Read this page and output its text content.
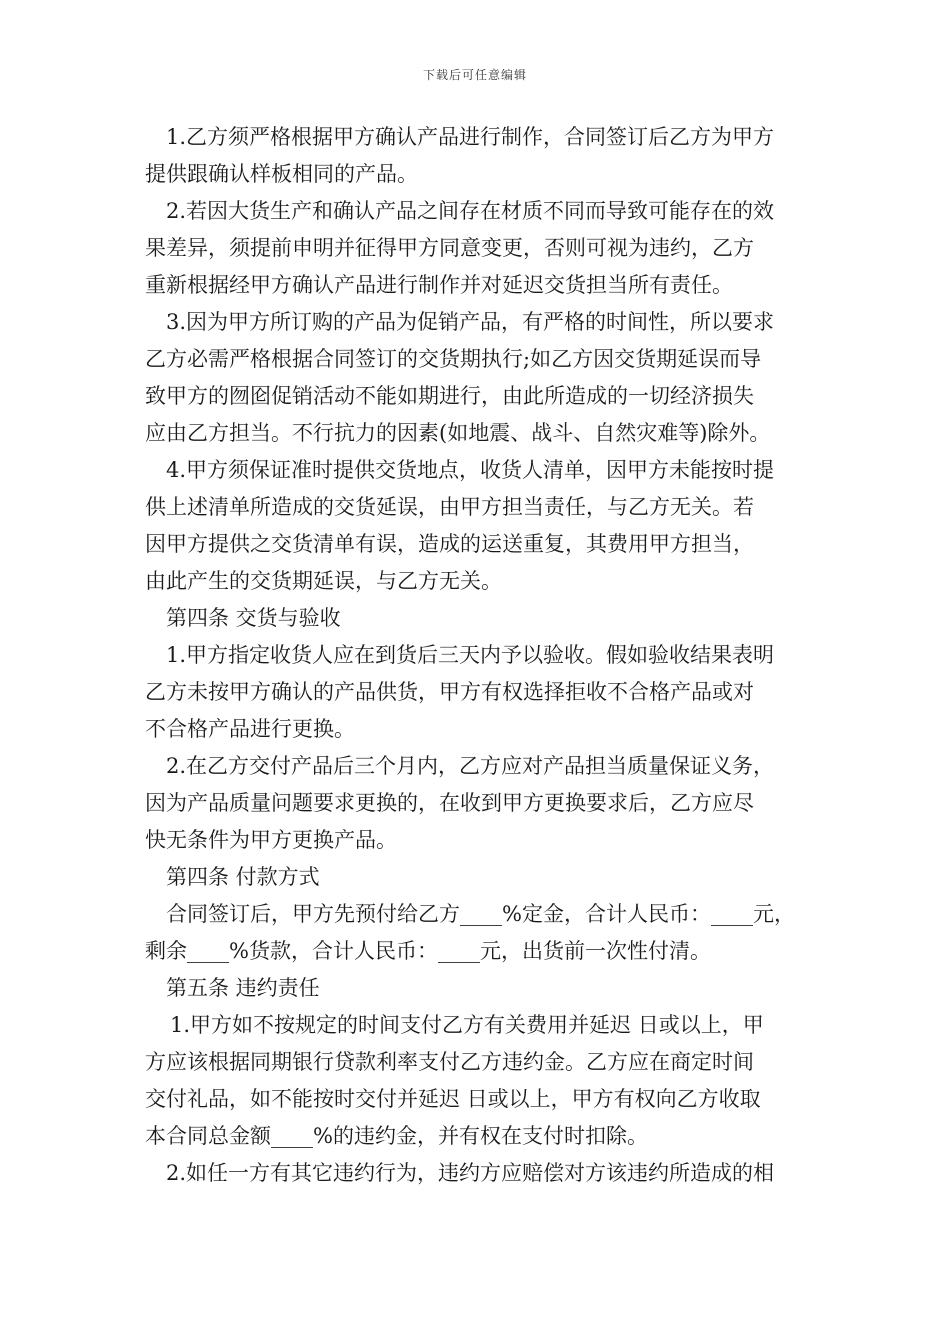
下载后可任意编辑
1.乙方须严格根据甲方确认产品进行制作，合同签订后乙方为甲方
提供跟确认样板相同的产品。
2.若因大货生产和确认产品之间存在材质不同而导致可能存在的效
果差异，须提前申明并征得甲方同意变更，否则可视为违约，乙方
重新根据经甲方确认产品进行制作并对延迟交货担当所有责任。
3.因为甲方所订购的产品为促销产品，有严格的时间性，所以要求
乙方必需严格根据合同签订的交货期执行;如乙方因交货期延误而导
致甲方的囫囵促销活动不能如期进行，由此所造成的一切经济损失
应由乙方担当。不行抗力的因素(如地震、战斗、自然灾难等)除外。
4.甲方须保证准时提供交货地点，收货人清单，因甲方未能按时提
供上述清单所造成的交货延误，由甲方担当责任，与乙方无关。若
因甲方提供之交货清单有误，造成的运送重复，其费用甲方担当，
由此产生的交货期延误，与乙方无关。
第四条 交货与验收
1.甲方指定收货人应在到货后三天内予以验收。假如验收结果表明
乙方未按甲方确认的产品供货，甲方有权选择拒收不合格产品或对
不合格产品进行更换。
2.在乙方交付产品后三个月内，乙方应对产品担当质量保证义务，
因为产品质量问题要求更换的，在收到甲方更换要求后，乙方应尽
快无条件为甲方更换产品。
第四条 付款方式
合同签订后，甲方先预付给乙方____%定金，合计人民币：____元，
剩余____%货款，合计人民币：____元，出货前一次性付清。
第五条 违约责任
1.甲方如不按规定的时间支付乙方有关费用并延迟 日或以上，甲
方应该根据同期银行贷款利率支付乙方违约金。乙方应在商定时间
交付礼品，如不能按时交付并延迟 日或以上，甲方有权向乙方收取
本合同总金额____%的违约金，并有权在支付时扣除。
2.如任一方有其它违约行为，违约方应赔偿对方该违约所造成的相
